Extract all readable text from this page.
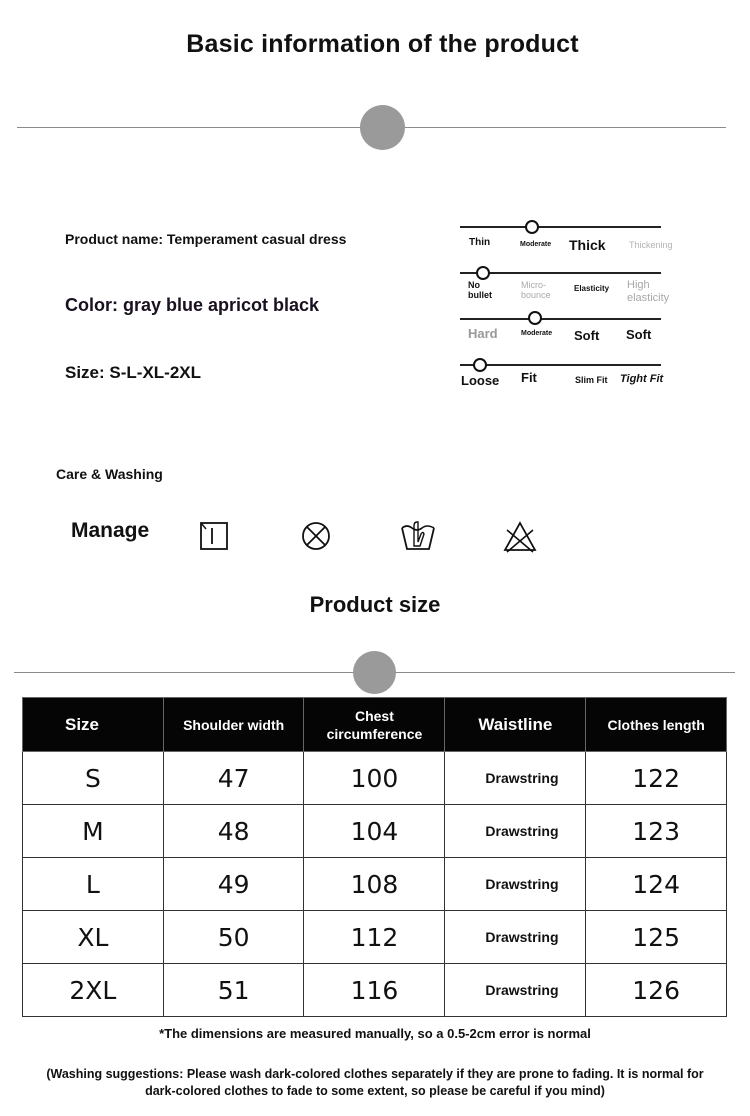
Basic information of the product
Product name: Temperament casual dress
Color: gray blue apricot black
Size: S-L-XL-2XL
Thin	Moderate Thick	Thickening
No bullet
Micro-bounce
Elasticity High elasticity
Hard	Moderate Soft Soft
Loose Fit	Slim Fit Tight Fit
Care & Washing
Manage
Product size
Size	Shoulder width	Chest circumference	Waistline	Clothes length
S	47	100	Drawstring	122
M	48	104	Drawstring	123
L	49	108	Drawstring	124
XL	50	112	Drawstring	125
2XL	51	116	Drawstring	126
*The dimensions are measured manually, so a 0.5-2cm error is normal
(Washing suggestions: Please wash dark-colored clothes separately if they are prone to fading. It is normal for dark-colored clothes to fade to some extent, so please be careful if you mind)
